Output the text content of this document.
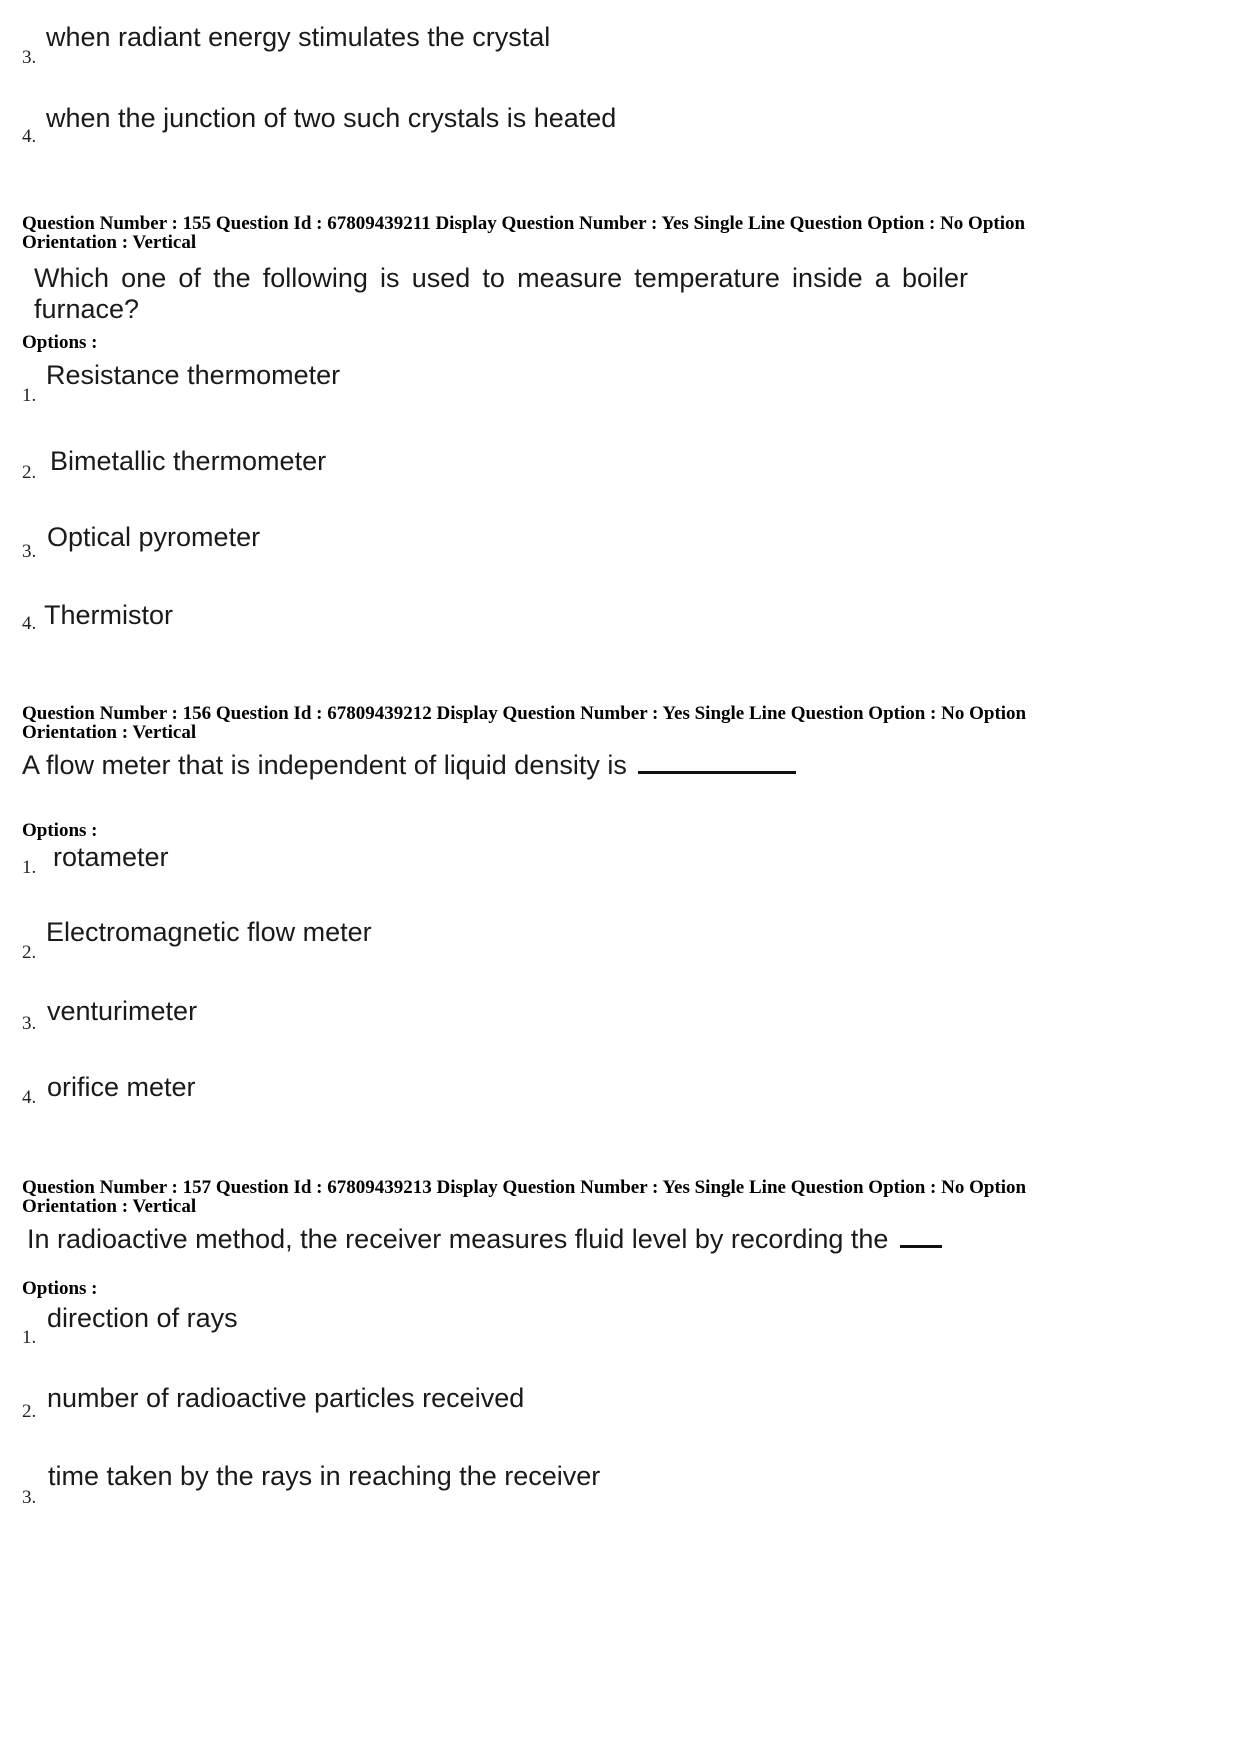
3.
when radiant energy stimulates the crystal
4.
when the junction of two such crystals is heated
Question Number : 155 Question Id : 67809439211 Display Question Number : Yes Single Line Question Option : No Option
Orientation : Vertical
Which one of the following is used to measure temperature inside a boiler
furnace?
Options :
1.
Resistance thermometer
2. Bimetallic thermometer
3. Optical pyrometer
4. Thermistor
Question Number : 156 Question Id : 67809439212 Display Question Number : Yes Single Line Question Option : No Option
Orientation : Vertical
A flow meter that is independent of liquid density is
Options :
1. rotameter
2.
Electromagnetic flow meter
3. venturimeter
4. orifice meter
Question Number : 157 Question Id : 67809439213 Display Question Number : Yes Single Line Question Option : No Option
Orientation : Vertical
In radioactive method, the receiver measures fluid level by recording the
Options :
1.
direction of rays
2. number of radioactive particles received
3.
time taken by the rays in reaching the receiver
